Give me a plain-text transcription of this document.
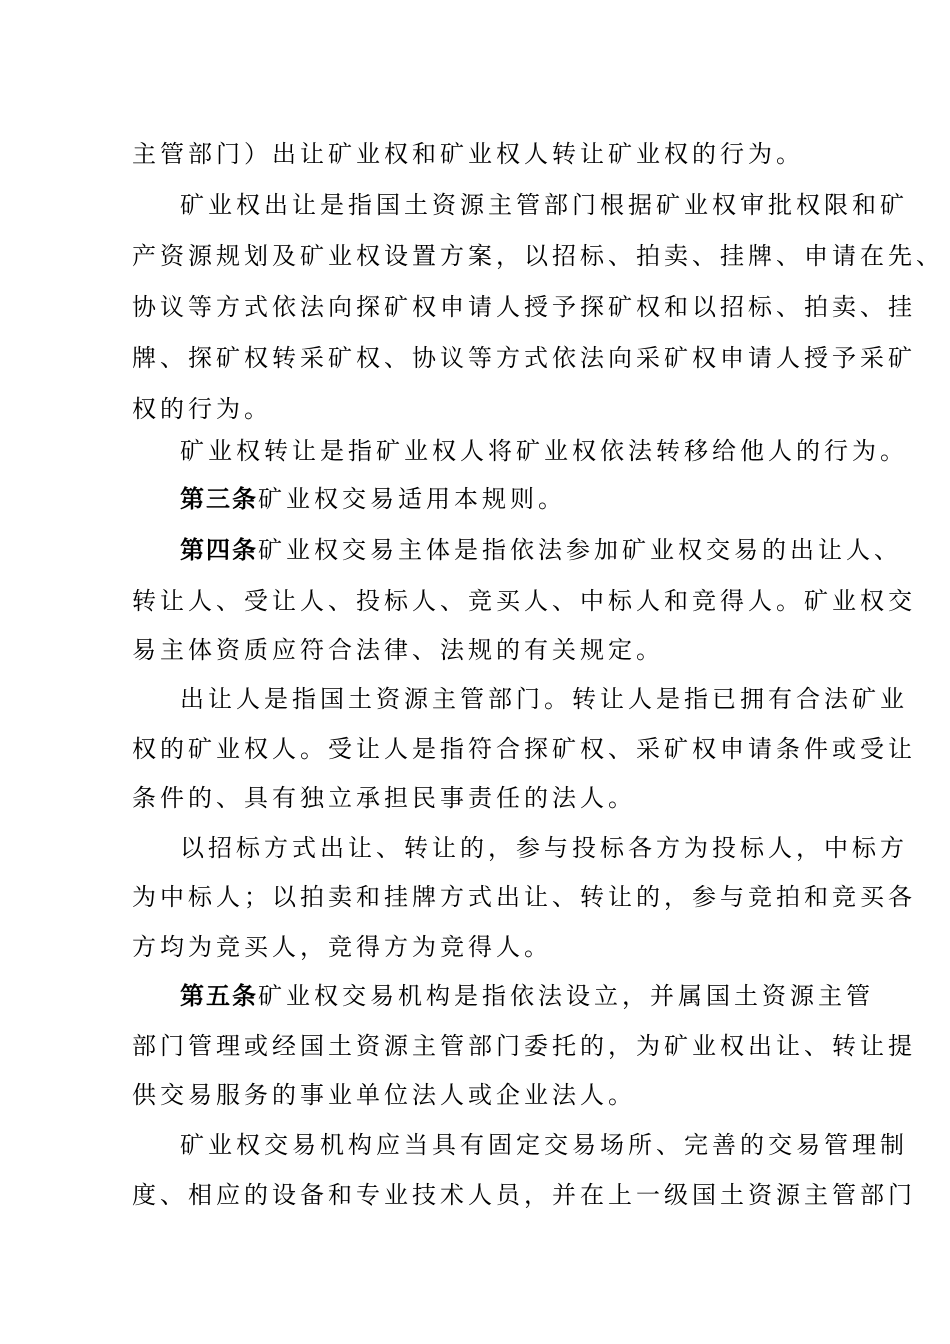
主管部门）出让矿业权和矿业权人转让矿业权的行为。
矿业权出让是指国土资源主管部门根据矿业权审批权限和矿
产资源规划及矿业权设置方案，以招标、拍卖、挂牌、申请在先、
协议等方式依法向探矿权申请人授予探矿权和以招标、拍卖、挂
牌、探矿权转采矿权、协议等方式依法向采矿权申请人授予采矿
权的行为。
矿业权转让是指矿业权人将矿业权依法转移给他人的行为。
第三条矿业权交易适用本规则。
第四条矿业权交易主体是指依法参加矿业权交易的出让人、
转让人、受让人、投标人、竞买人、中标人和竞得人。矿业权交
易主体资质应符合法律、法规的有关规定。
出让人是指国土资源主管部门。转让人是指已拥有合法矿业
权的矿业权人。受让人是指符合探矿权、采矿权申请条件或受让
条件的、具有独立承担民事责任的法人。
以招标方式出让、转让的，参与投标各方为投标人，中标方
为中标人；以拍卖和挂牌方式出让、转让的，参与竞拍和竞买各
方均为竞买人，竞得方为竞得人。
第五条矿业权交易机构是指依法设立，并属国土资源主管
部门管理或经国土资源主管部门委托的，为矿业权出让、转让提
供交易服务的事业单位法人或企业法人。
矿业权交易机构应当具有固定交易场所、完善的交易管理制
度、相应的设备和专业技术人员，并在上一级国土资源主管部门
